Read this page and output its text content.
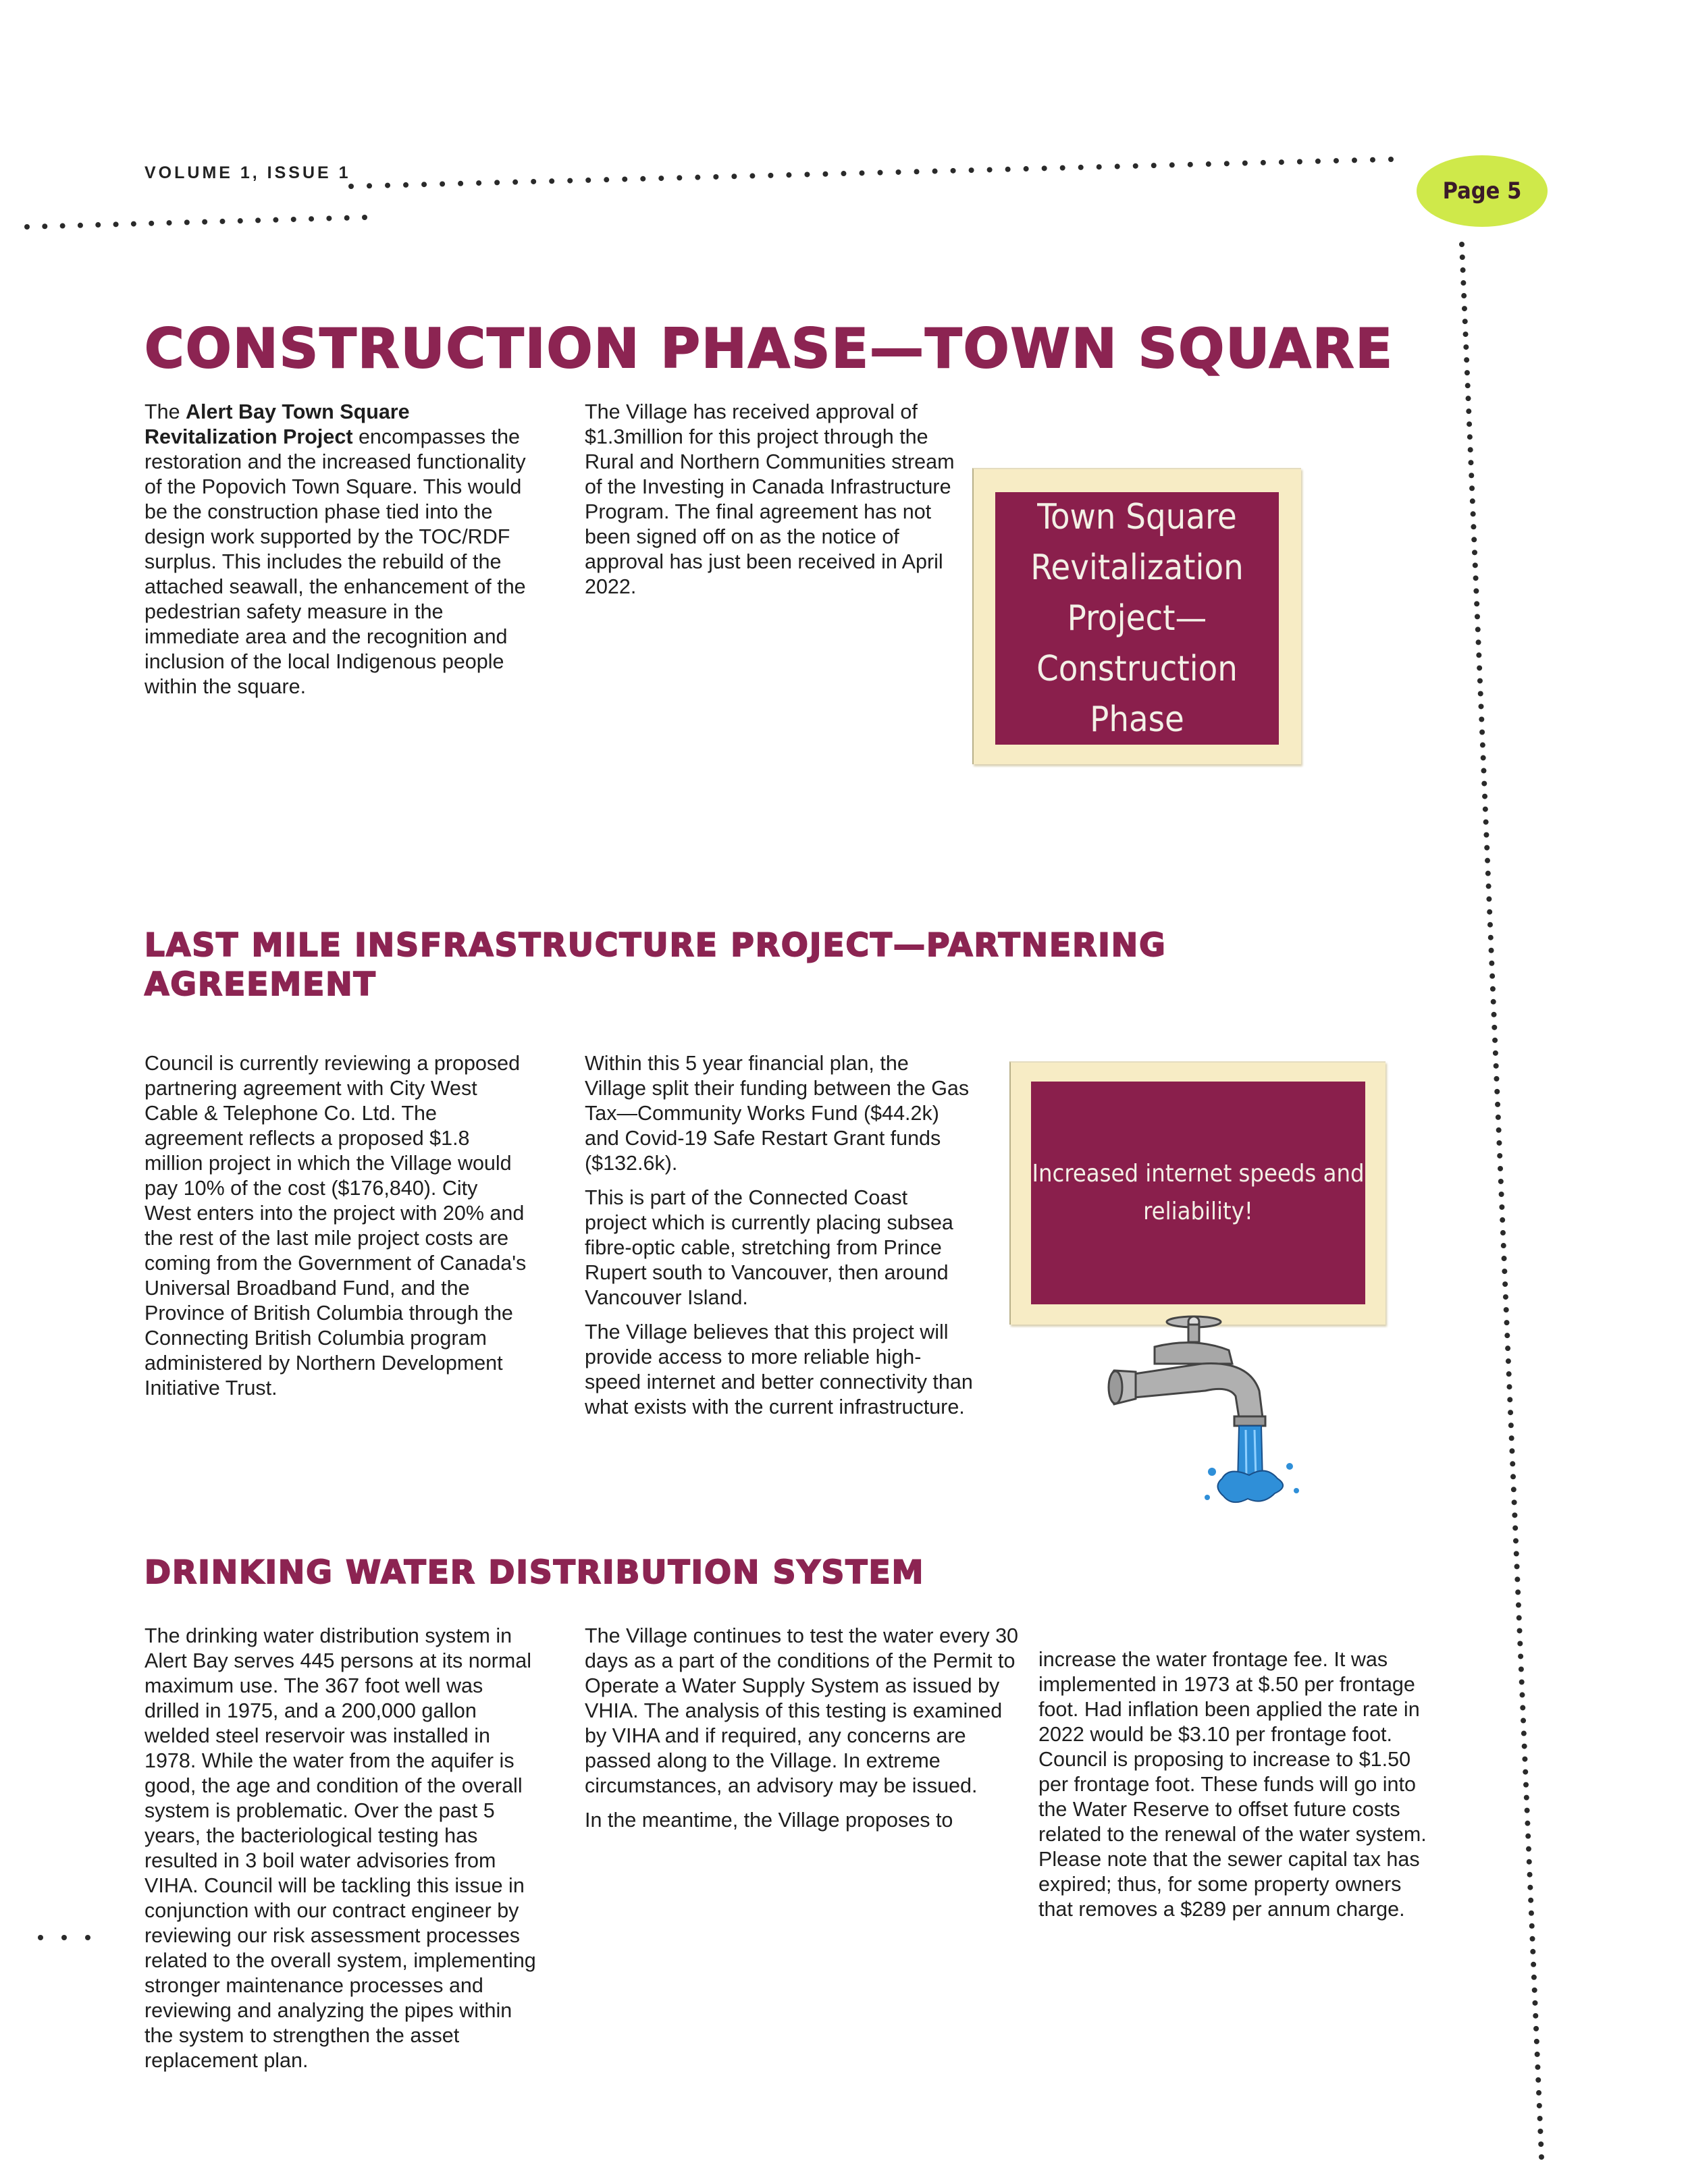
VOLUME 1, ISSUE 1
Page 5
CONSTRUCTION PHASE—TOWN SQUARE

The Alert Bay Town Square Revitalization Project encompasses the restoration and the increased functionality of the Popovich Town Square. This would be the construction phase tied into the design work supported by the TOC/RDF surplus. This includes the rebuild of the attached seawall, the enhancement of the pedestrian safety measure in the immediate area and the recognition and inclusion of the local Indigenous people within the square.

The Village has received approval of $1.3million for this project through the Rural and Northern Communities stream of the Investing in Canada Infrastructure Program. The final agreement has not been signed off on as the notice of approval has just been received in April 2022.

Town Square
Revitalization
Project—
Construction Phase
LAST MILE INSFRASTRUCTURE PROJECT—PARTNERING AGREEMENT

Council is currently reviewing a proposed partnering agreement with City West Cable & Telephone Co. Ltd. The agreement reflects a proposed $1.8 million project in which the Village would pay 10% of the cost ($176,840). City West enters into the project with 20% and the rest of the last mile project costs are coming from the Government of Canada's Universal Broadband Fund, and the Province of British Columbia through the Connecting British Columbia program administered by Northern Development Initiative Trust.

Within this 5 year financial plan, the Village split their funding between the Gas Tax—Community Works Fund ($44.2k) and Covid-19 Safe Restart Grant funds ($132.6k).

This is part of the Connected Coast project which is currently placing subsea fibre-optic cable, stretching from Prince Rupert south to Vancouver, then around Vancouver Island.

The Village believes that this project will provide access to more reliable high-speed internet and better connectivity than what exists with the current infrastructure.

Increased internet speeds and reliability!
DRINKING WATER DISTRIBUTION SYSTEM

The drinking water distribution system in Alert Bay serves 445 persons at its normal maximum use. The 367 foot well was drilled in 1975, and a 200,000 gallon welded steel reservoir was installed in 1978. While the water from the aquifer is good, the age and condition of the overall system is problematic. Over the past 5 years, the bacteriological testing has resulted in 3 boil water advisories from VIHA. Council will be tackling this issue in conjunction with our contract engineer by reviewing our risk assessment processes related to the overall system, implementing stronger maintenance processes and reviewing and analyzing the pipes within the system to strengthen the asset replacement plan.

The Village continues to test the water every 30 days as a part of the conditions of the Permit to Operate a Water Supply System as issued by VHIA. The analysis of this testing is examined by VIHA and if required, any concerns are passed along to the Village. In extreme circumstances, an advisory may be issued.

In the meantime, the Village proposes to

increase the water frontage fee. It was implemented in 1973 at $.50 per frontage foot. Had inflation been applied the rate in 2022 would be $3.10 per frontage foot. Council is proposing to increase to $1.50 per frontage foot. These funds will go into the Water Reserve to offset future costs related to the renewal of the water system. Please note that the sewer capital tax has expired; thus, for some property owners that removes a $289 per annum charge.
